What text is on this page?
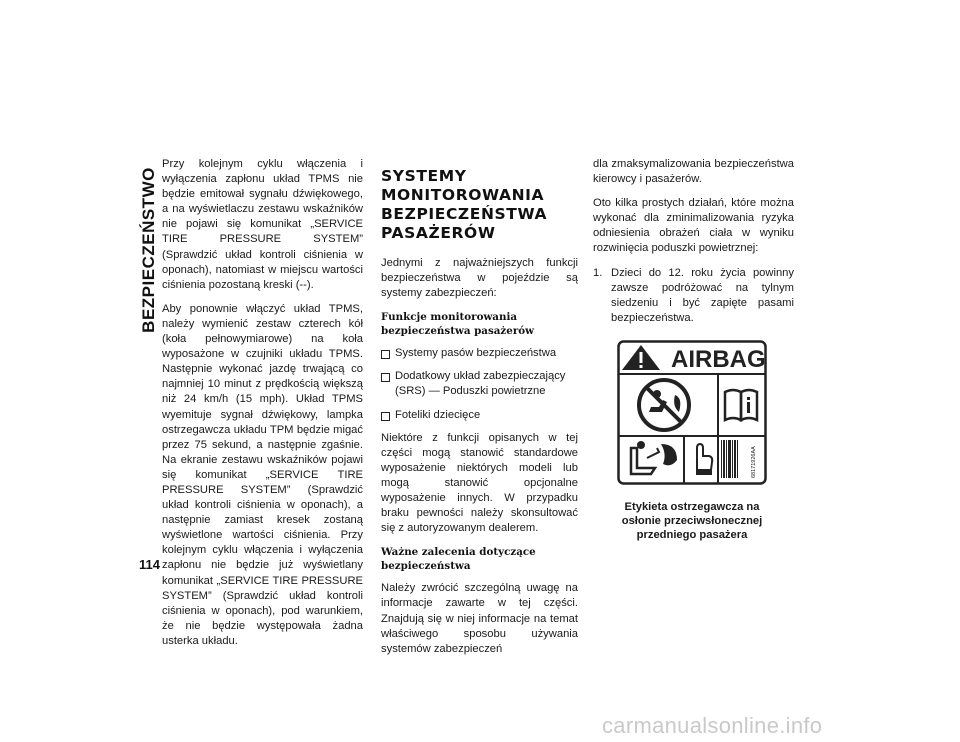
BEZPIECZEŃSTWO

Przy kolejnym cyklu włączenia i wyłączenia zapłonu układ TPMS nie będzie emitował sygnału dźwiękowego, a na wyświetlaczu zestawu wskaźników nie pojawi się komunikat „SERVICE TIRE PRESSURE SYSTEM” (Sprawdzić układ kontroli ciśnienia w oponach), natomiast w miejscu wartości ciśnienia pozostaną kreski (--).

Aby ponownie włączyć układ TPMS, należy wymienić zestaw czterech kół (koła pełnowymiarowe) na koła wyposażone w czujniki układu TPMS. Następnie wykonać jazdę trwającą co najmniej 10 minut z prędkością większą niż 24 km/h (15 mph). Układ TPMS wyemituje sygnał dźwiękowy, lampka ostrzegawcza układu TPM będzie migać przez 75 sekund, a następnie zgaśnie. Na ekranie zestawu wskaźników pojawi się komunikat „SERVICE TIRE PRESSURE SYSTEM” (Sprawdzić układ kontroli ciśnienia w oponach), a następnie zamiast kresek zostaną wyświetlone wartości ciśnienia. Przy kolejnym cyklu włączenia i wyłączenia zapłonu nie będzie już wyświetlany komunikat „SERVICE TIRE PRESSURE SYSTEM” (Sprawdzić układ kontroli ciśnienia w oponach), pod warunkiem, że nie będzie występowała żadna usterka układu.

SYSTEMY MONITOROWANIA BEZPIECZEŃSTWA PASAŻERÓW

Jednymi z najważniejszych funkcji bezpieczeństwa w pojeździe są systemy zabezpieczeń:

Funkcje monitorowania bezpieczeństwa pasażerów
Systemy pasów bezpieczeństwa
Dodatkowy układ zabezpieczający (SRS) — Poduszki powietrzne
Foteliki dziecięce

Niektóre z funkcji opisanych w tej części mogą stanowić standardowe wyposażenie niektórych modeli lub mogą stanowić opcjonalne wyposażenie innych. W przypadku braku pewności należy skonsultować się z autoryzowanym dealerem.

Ważne zalecenia dotyczące bezpieczeństwa

Należy zwrócić szczególną uwagę na informacje zawarte w tej części. Znajdują się w niej informacje na temat właściwego sposobu używania systemów zabezpieczeń

dla zmaksymalizowania bezpieczeństwa kierowcy i pasażerów.

Oto kilka prostych działań, które można wykonać dla zminimalizowania ryzyka odniesienia obrażeń ciała w wyniku rozwinięcia poduszki powietrznej:

1. Dzieci do 12. roku życia powinny zawsze podróżować na tylnym siedzeniu i być zapięte pasami bezpieczeństwa.
AIRBAG
68171926AA
Etykieta ostrzegawcza na osłonie przeciwsłonecznej przedniego pasażera
114
carmanualsonline.info
